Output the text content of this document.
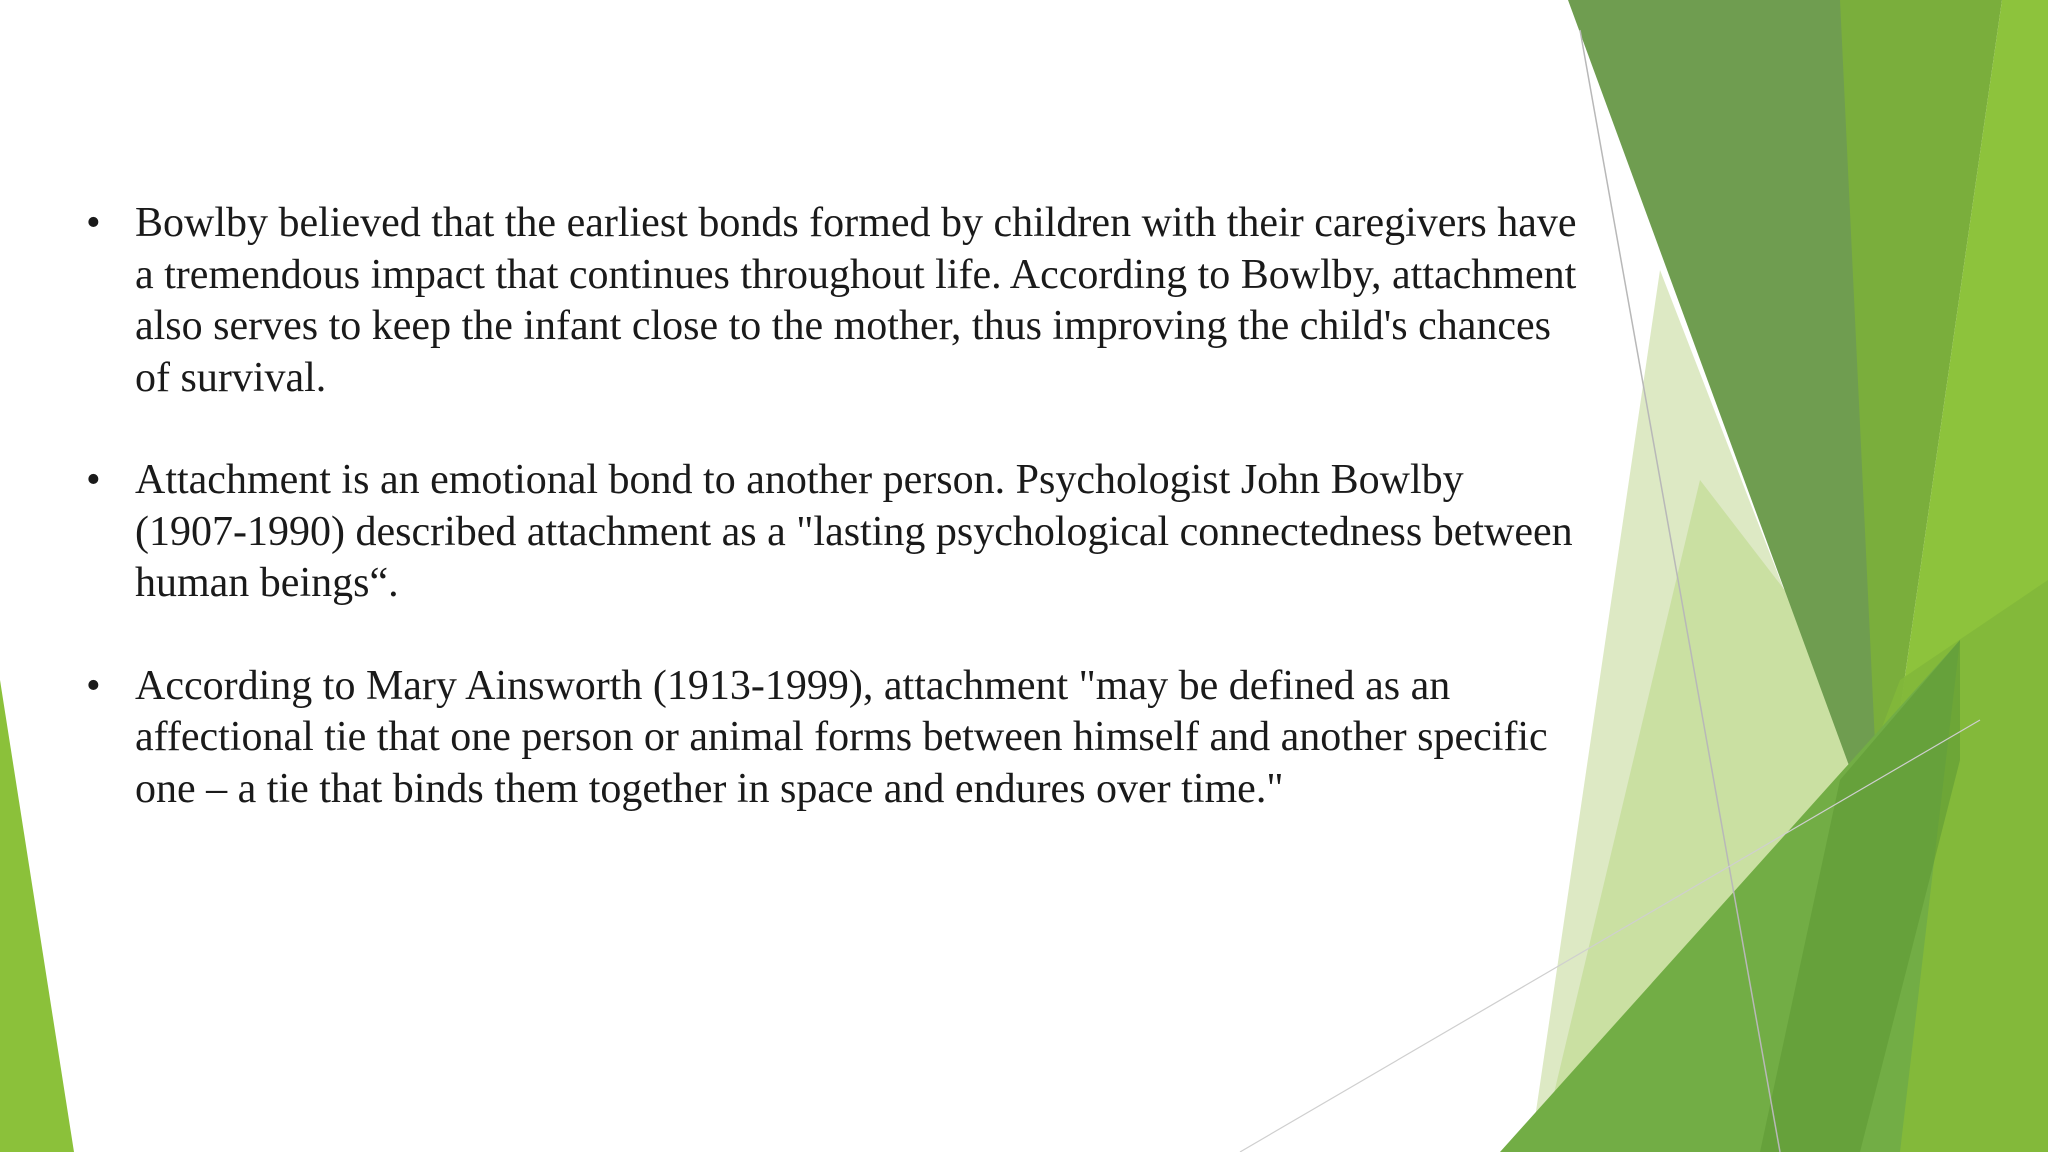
• Bowlby believed that the earliest bonds formed by children with their caregivers have a tremendous impact that continues throughout life. According to Bowlby, attachment also serves to keep the infant close to the mother, thus improving the child's chances of survival.
• Attachment is an emotional bond to another person. Psychologist John Bowlby (1907-1990) described attachment as a "lasting psychological connectedness between human beings“.
• According to Mary Ainsworth (1913-1999), attachment "may be defined as an affectional tie that one person or animal forms between himself and another specific one – a tie that binds them together in space and endures over time."
